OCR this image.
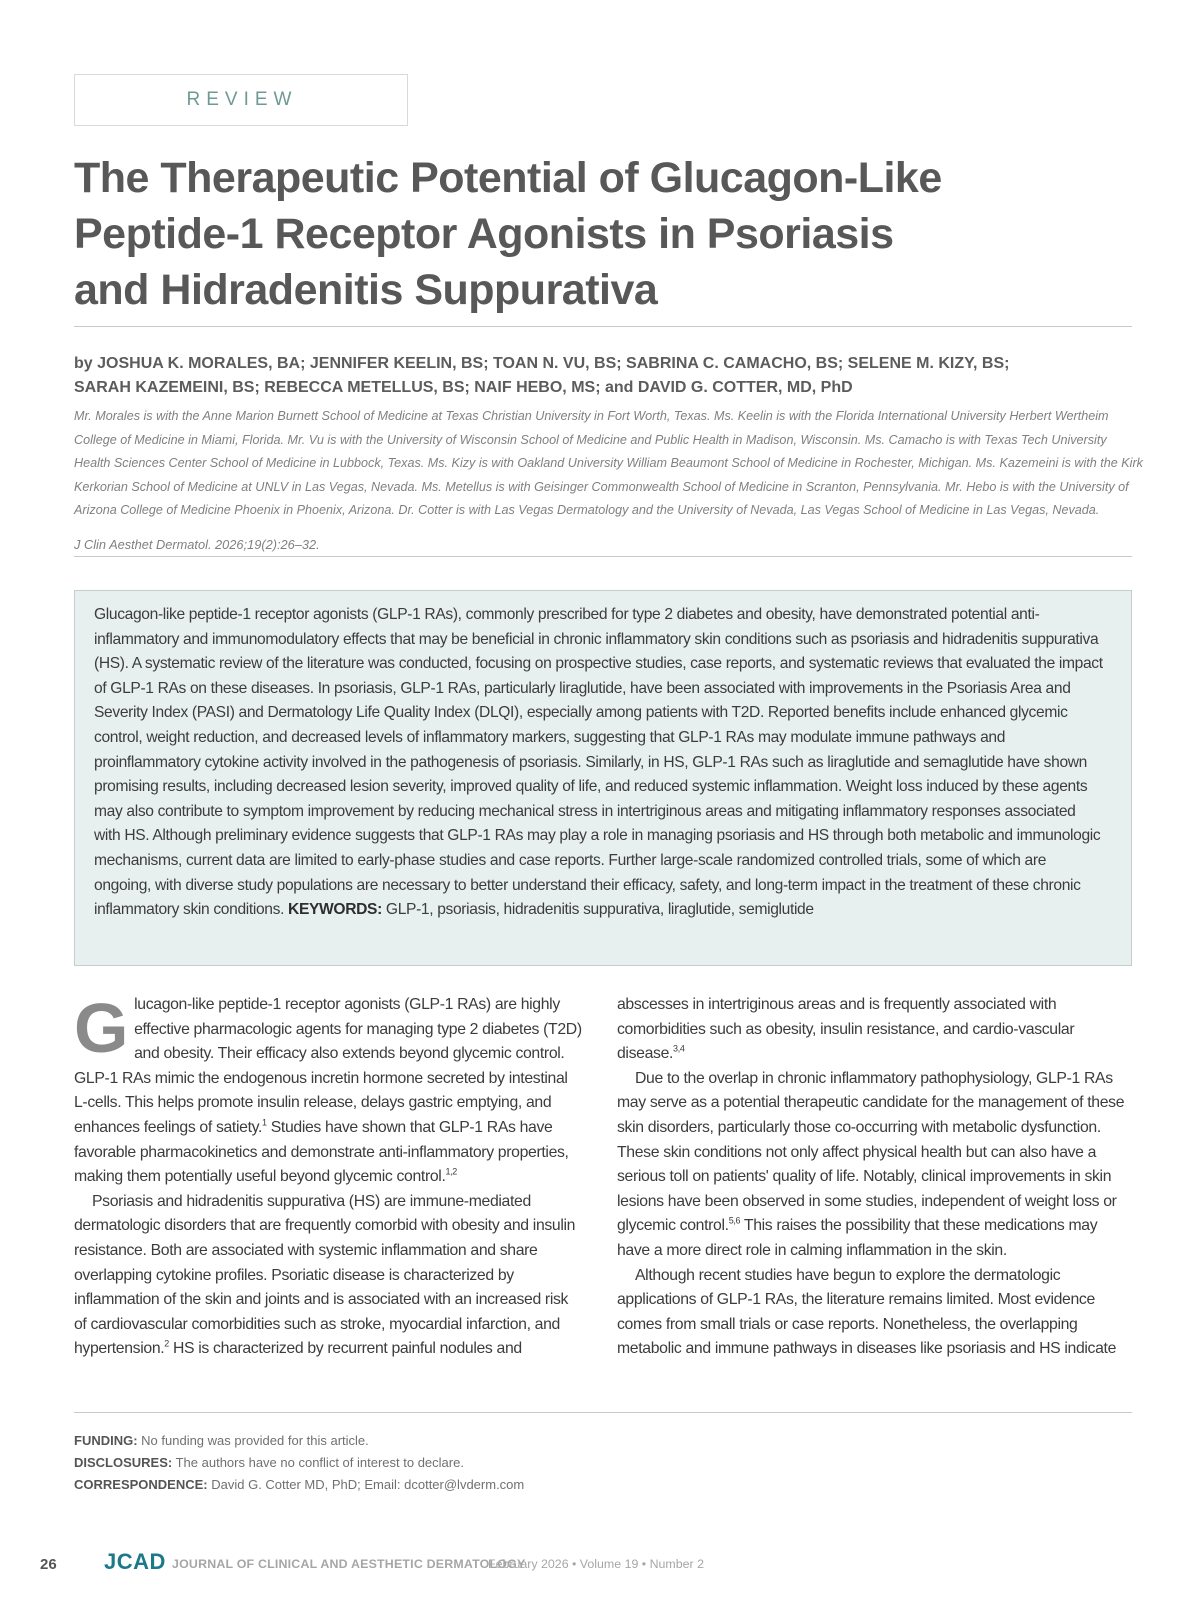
REVIEW
The Therapeutic Potential of Glucagon-Like
Peptide-1 Receptor Agonists in Psoriasis
and Hidradenitis Suppurativa
by JOSHUA K. MORALES, BA; JENNIFER KEELIN, BS; TOAN N. VU, BS; SABRINA C. CAMACHO, BS; SELENE M. KIZY, BS;
SARAH KAZEMEINI, BS; REBECCA METELLUS, BS; NAIF HEBO, MS; and DAVID G. COTTER, MD, PhD
Mr. Morales is with the Anne Marion Burnett School of Medicine at Texas Christian University in Fort Worth, Texas. Ms. Keelin is with the Florida International University Herbert Wertheim College of Medicine in Miami, Florida. Mr. Vu is with the University of Wisconsin School of Medicine and Public Health in Madison, Wisconsin. Ms. Camacho is with Texas Tech University Health Sciences Center School of Medicine in Lubbock, Texas. Ms. Kizy is with Oakland University William Beaumont School of Medicine in Rochester, Michigan. Ms. Kazemeini is with the Kirk Kerkorian School of Medicine at UNLV in Las Vegas, Nevada. Ms. Metellus is with Geisinger Commonwealth School of Medicine in Scranton, Pennsylvania. Mr. Hebo is with the University of Arizona College of Medicine Phoenix in Phoenix, Arizona. Dr. Cotter is with Las Vegas Dermatology and the University of Nevada, Las Vegas School of Medicine in Las Vegas, Nevada.
J Clin Aesthet Dermatol. 2026;19(2):26–32.

Glucagon-like peptide-1 receptor agonists (GLP-1 RAs), commonly prescribed for type 2 diabetes and obesity, have demonstrated potential anti-inflammatory and immunomodulatory effects that may be beneficial in chronic inflammatory skin conditions such as psoriasis and hidradenitis suppurativa (HS). A systematic review of the literature was conducted, focusing on prospective studies, case reports, and systematic reviews that evaluated the impact of GLP-1 RAs on these diseases. In psoriasis, GLP-1 RAs, particularly liraglutide, have been associated with improvements in the Psoriasis Area and Severity Index (PASI) and Dermatology Life Quality Index (DLQI), especially among patients with T2D. Reported benefits include enhanced glycemic control, weight reduction, and decreased levels of inflammatory markers, suggesting that GLP-1 RAs may modulate immune pathways and proinflammatory cytokine activity involved in the pathogenesis of psoriasis. Similarly, in HS, GLP-1 RAs such as liraglutide and semaglutide have shown promising results, including decreased lesion severity, improved quality of life, and reduced systemic inflammation. Weight loss induced by these agents may also contribute to symptom improvement by reducing mechanical stress in intertriginous areas and mitigating inflammatory responses associated with HS. Although preliminary evidence suggests that GLP-1 RAs may play a role in managing psoriasis and HS through both metabolic and immunologic mechanisms, current data are limited to early-phase studies and case reports. Further large-scale randomized controlled trials, some of which are ongoing, with diverse study populations are necessary to better understand their efficacy, safety, and long-term impact in the treatment of these chronic inflammatory skin conditions. KEYWORDS: GLP-1, psoriasis, hidradenitis suppurativa, liraglutide, semiglutide

Glucagon-like peptide-1 receptor agonists (GLP-1 RAs) are highly effective pharmacologic agents for managing type 2 diabetes (T2D) and obesity. Their efficacy also extends beyond glycemic control. GLP-1 RAs mimic the endogenous incretin hormone secreted by intestinal L-cells. This helps promote insulin release, delays gastric emptying, and enhances feelings of satiety.$^1$ Studies have shown that GLP-1 RAs have favorable pharmacokinetics and demonstrate anti-inflammatory properties, making them potentially useful beyond glycemic control.$^{1,2}$

Psoriasis and hidradenitis suppurativa (HS) are immune-mediated dermatologic disorders that are frequently comorbid with obesity and insulin resistance. Both are associated with systemic inflammation and share overlapping cytokine profiles. Psoriatic disease is characterized by inflammation of the skin and joints and is associated with an increased risk of cardiovascular comorbidities such as stroke, myocardial infarction, and hypertension.$^2$ HS is characterized by recurrent painful nodules and

abscesses in intertriginous areas and is frequently associated with comorbidities such as obesity, insulin resistance, and cardio-vascular disease.$^{3,4}$

Due to the overlap in chronic inflammatory pathophysiology, GLP-1 RAs may serve as a potential therapeutic candidate for the management of these skin disorders, particularly those co-occurring with metabolic dysfunction. These skin conditions not only affect physical health but can also have a serious toll on patients' quality of life. Notably, clinical improvements in skin lesions have been observed in some studies, independent of weight loss or glycemic control.$^{5,6}$ This raises the possibility that these medications may have a more direct role in calming inflammation in the skin.

Although recent studies have begun to explore the dermatologic applications of GLP-1 RAs, the literature remains limited. Most evidence comes from small trials or case reports. Nonetheless, the overlapping metabolic and immune pathways in diseases like psoriasis and HS indicate

FUNDING: No funding was provided for this article.
DISCLOSURES: The authors have no conflict of interest to declare.
CORRESPONDENCE: David G. Cotter MD, PhD; Email: dcotter@lvderm.com
26 JCAD JOURNAL OF CLINICAL AND AESTHETIC DERMATOLOGY
February 2026 • Volume 19 • Number 2
